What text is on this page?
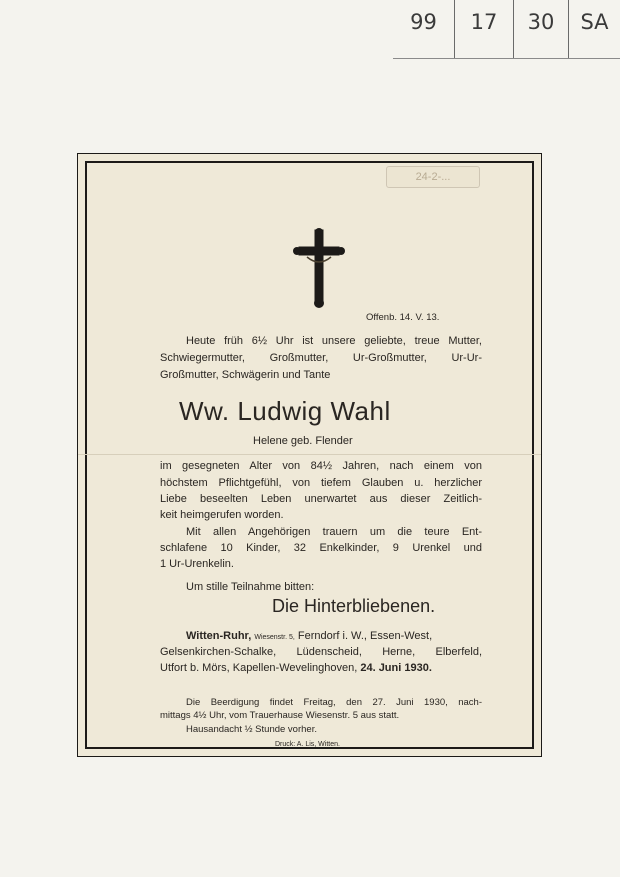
99	17	30	SA
24-2-...
Offenb. 14. V. 13.
Heute früh 6½ Uhr ist unsere geliebte, treue Mutter,
Schwiegermutter, Großmutter, Ur-Großmutter, Ur-Ur-
Großmutter, Schwägerin und Tante
Ww. Ludwig Wahl
Helene geb. Flender
im gesegneten Alter von 84½ Jahren, nach einem von
höchstem Pflichtgefühl, von tiefem Glauben u. herzlicher
Liebe beseelten Leben unerwartet aus dieser Zeitlich-
keit heimgerufen worden.
Mit allen Angehörigen trauern um die teure Ent-
schlafene 10 Kinder, 32 Enkelkinder, 9 Urenkel und
1 Ur-Urenkelin.
Um stille Teilnahme bitten:
Die Hinterbliebenen.
Witten-Ruhr, Wiesenstr. 5, Ferndorf i. W., Essen-West,
Gelsenkirchen-Schalke, Lüdenscheid, Herne, Elberfeld,
Utfort b. Mörs, Kapellen-Wevelinghoven, 24. Juni 1930.
Die Beerdigung findet Freitag, den 27. Juni 1930, nach-
mittags 4½ Uhr, vom Trauerhause Wiesenstr. 5 aus statt.
Hausandacht ½ Stunde vorher.
Druck: A. Lis, Witten.
